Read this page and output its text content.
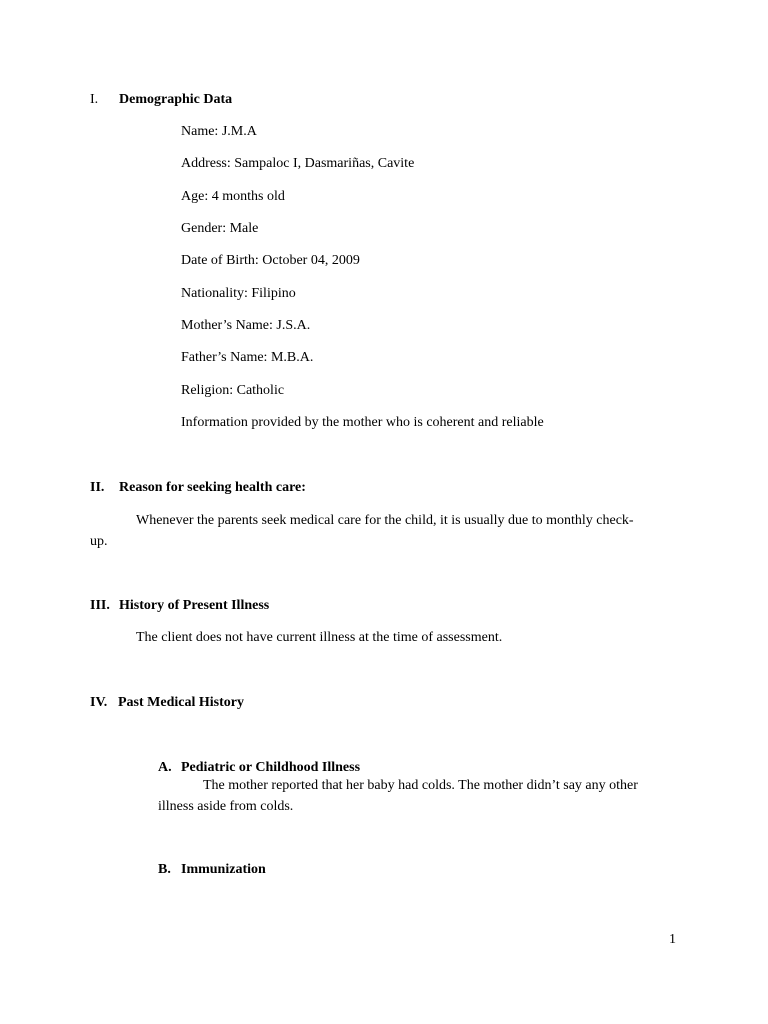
I. Demographic Data
Name: J.M.A
Address: Sampaloc I, Dasmariñas, Cavite
Age: 4 months old
Gender: Male
Date of Birth: October 04, 2009
Nationality: Filipino
Mother’s Name: J.S.A.
Father’s Name: M.B.A.
Religion: Catholic
Information provided by the mother who is coherent and reliable
II. Reason for seeking health care:
Whenever the parents seek medical care for the child, it is usually due to monthly check-
up.
III. History of Present Illness
The client does not have current illness at the time of assessment.
IV. Past Medical History
A. Pediatric or Childhood Illness
The mother reported that her baby had colds. The mother didn’t say any other
illness aside from colds.
B. Immunization
1
